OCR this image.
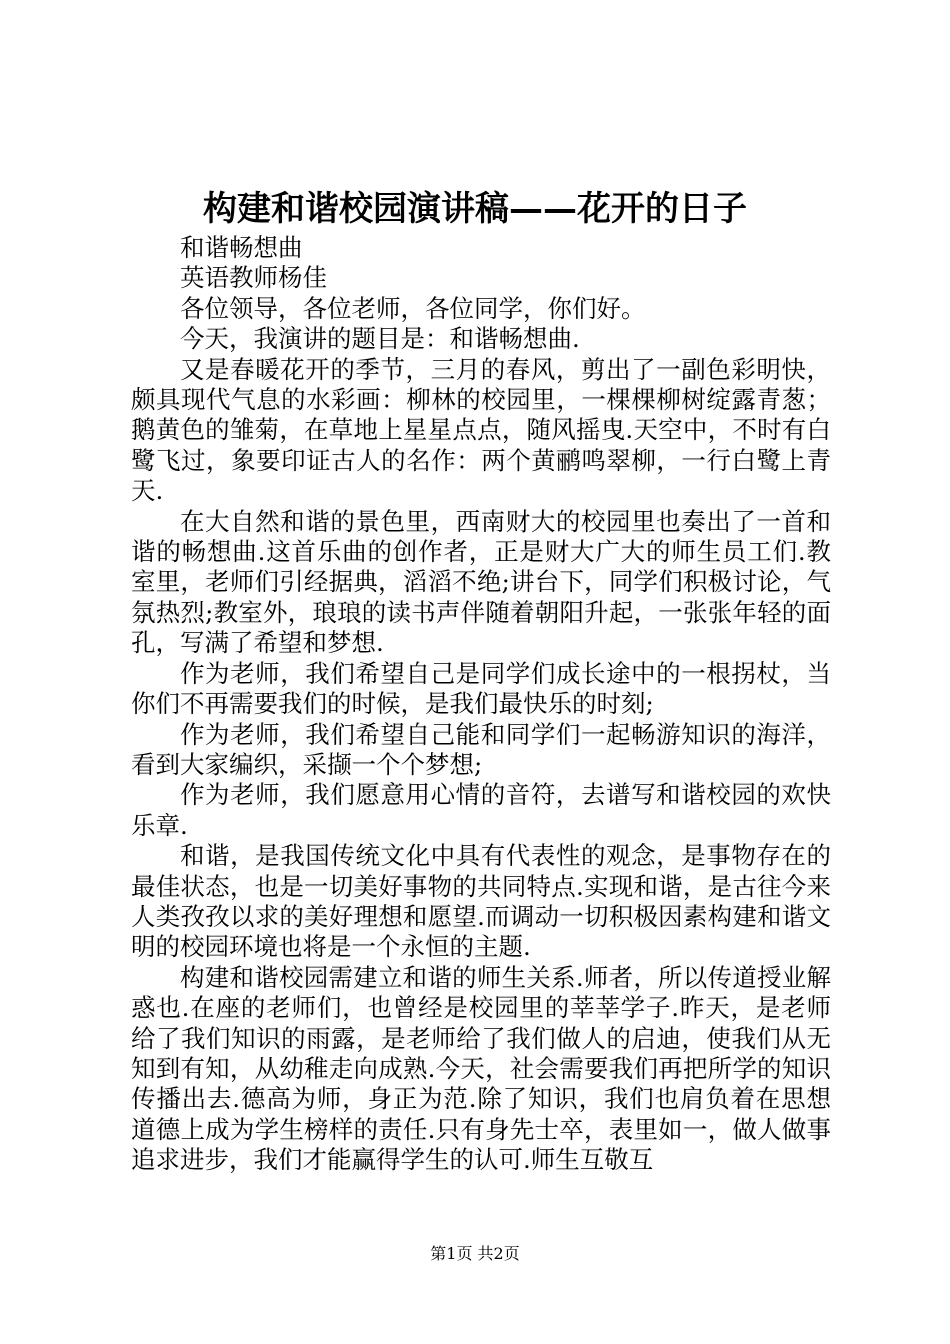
构建和谐校园演讲稿——花开的日子

和谐畅想曲

英语教师杨佳

各位领导，各位老师，各位同学，你们好。

今天，我演讲的题目是：和谐畅想曲.

又是春暖花开的季节，三月的春风，剪出了一副色彩明快，颇具现代气息的水彩画：柳林的校园里，一棵棵柳树绽露青葱；鹅黄色的雏菊，在草地上星星点点，随风摇曳.天空中，不时有白鹭飞过，象要印证古人的名作：两个黄鹂鸣翠柳，一行白鹭上青天.

在大自然和谐的景色里，西南财大的校园里也奏出了一首和谐的畅想曲.这首乐曲的创作者，正是财大广大的师生员工们.教室里，老师们引经据典，滔滔不绝;讲台下，同学们积极讨论，气氛热烈;教室外，琅琅的读书声伴随着朝阳升起，一张张年轻的面孔，写满了希望和梦想.

作为老师，我们希望自己是同学们成长途中的一根拐杖，当你们不再需要我们的时候，是我们最快乐的时刻;

作为老师，我们希望自己能和同学们一起畅游知识的海洋，看到大家编织，采撷一个个梦想;

作为老师，我们愿意用心情的音符，去谱写和谐校园的欢快乐章.

和谐，是我国传统文化中具有代表性的观念，是事物存在的最佳状态，也是一切美好事物的共同特点.实现和谐，是古往今来人类孜孜以求的美好理想和愿望.而调动一切积极因素构建和谐文明的校园环境也将是一个永恒的主题.

构建和谐校园需建立和谐的师生关系.师者，所以传道授业解惑也.在座的老师们，也曾经是校园里的莘莘学子.昨天，是老师给了我们知识的雨露，是老师给了我们做人的启迪，使我们从无知到有知，从幼稚走向成熟.今天，社会需要我们再把所学的知识传播出去.德高为师，身正为范.除了知识，我们也肩负着在思想道德上成为学生榜样的责任.只有身先士卒，表里如一，做人做事追求进步，我们才能赢得学生的认可.师生互敬互

第1页 共2页
